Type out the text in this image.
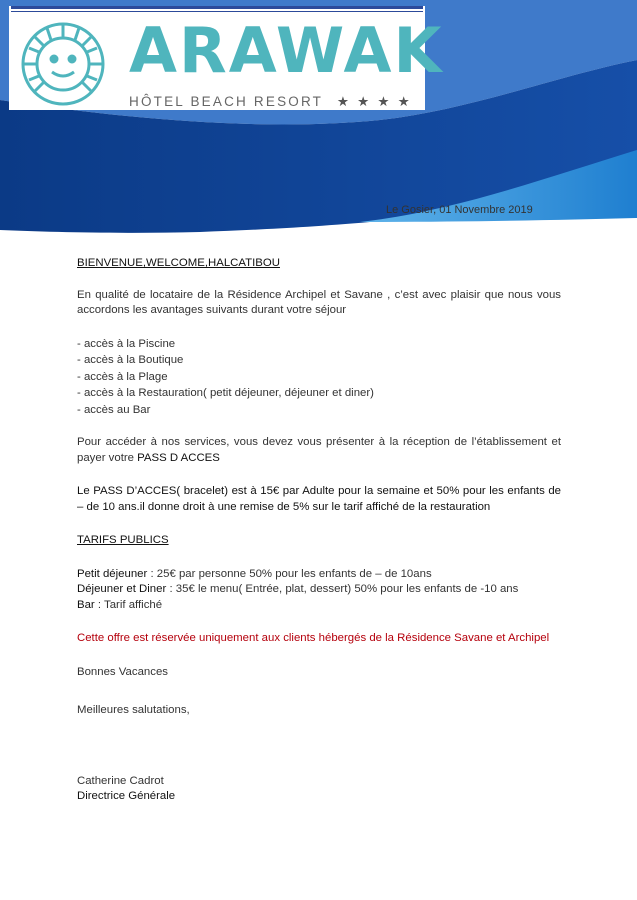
ARAWAK
HÔTEL BEACH RESORT ★ ★ ★ ★
Le Gosier, 01 Novembre 2019

BIENVENUE,WELCOME,HALCATIBOU

En qualité de locataire de la Résidence Archipel et Savane , c’est avec plaisir que nous vous accordons les avantages suivants durant votre séjour

- accès à la Piscine
- accès à la Boutique
- accès à la Plage
- accès à la Restauration( petit déjeuner, déjeuner et diner)
- accès au Bar

Pour accéder à nos services, vous devez vous présenter à la réception de l’établissement et payer votre PASS D ACCES

Le PASS D’ACCES( bracelet) est à 15€ par Adulte pour la semaine et 50% pour les enfants de – de 10 ans.il donne droit à une remise de 5% sur le tarif affiché de la restauration

TARIFS PUBLICS

Petit déjeuner : 25€ par personne 50% pour les enfants de – de 10ans
Déjeuner et Diner : 35€ le menu( Entrée, plat, dessert) 50% pour les enfants de -10 ans
Bar : Tarif affiché

Cette offre est réservée uniquement aux clients hébergés de la Résidence Savane et Archipel

Bonnes Vacances

Meilleures salutations,

Catherine Cadrot

Directrice Générale
